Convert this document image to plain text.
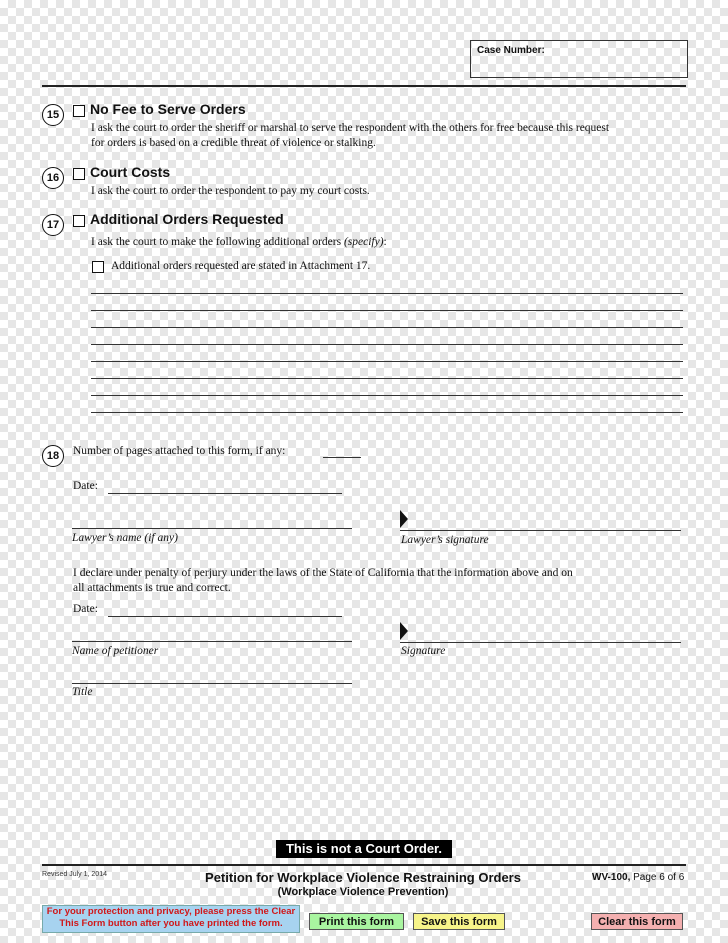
Case Number:
15	No Fee to Serve Orders
I ask the court to order the sheriff or marshal to serve the respondent with the others for free because this request
for orders is based on a credible threat of violence or stalking.
16	Court Costs
I ask the court to order the respondent to pay my court costs.
17	Additional Orders Requested
I ask the court to make the following additional orders (specify):
Additional orders requested are stated in Attachment 17.
18	Number of pages attached to this form, if any:
Date:
Lawyer’s name (if any)	Lawyer’s signature
I declare under penalty of perjury under the laws of the State of California that the information above and on
all attachments is true and correct.
Date:
Name of petitioner	Signature
Title
This is not a Court Order.
Revised July 1, 2014	Petition for Workplace Violence Restraining Orders
(Workplace Violence Prevention)
WV-100, Page 6 of 6
For your protection and privacy, please press the Clear
This Form button after you have printed the form.	Print this form	Save this form	Clear this form
